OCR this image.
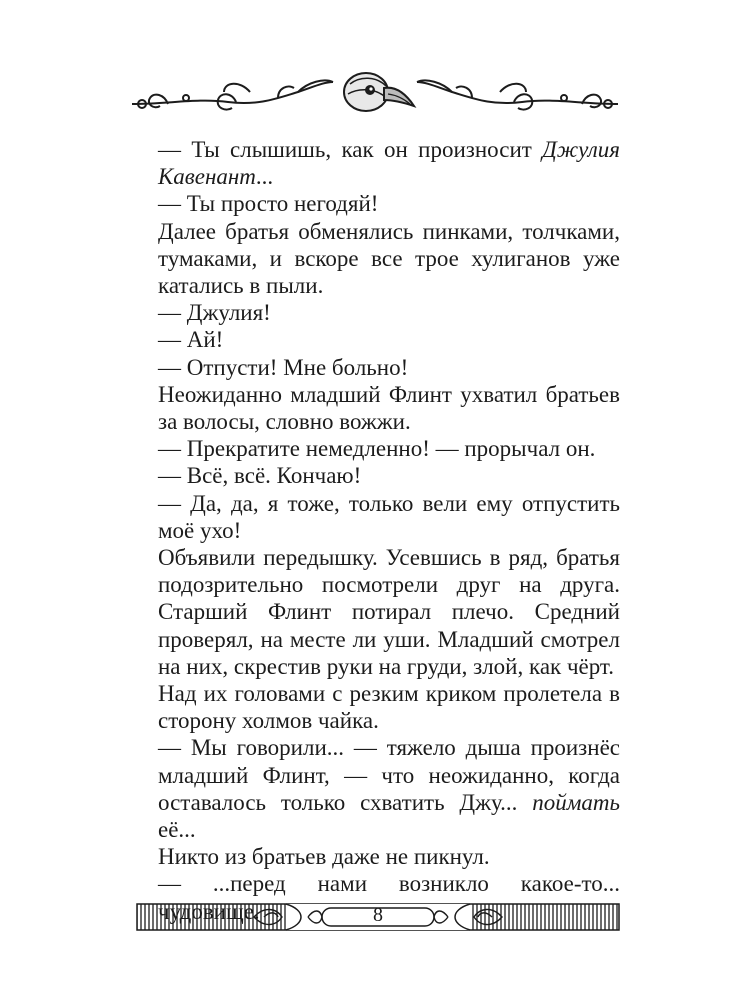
— Ты слышишь, как он произносит Джулия Кавенант...

— Ты просто негодяй!

Далее братья обменялись пинками, толчками, тумаками, и вскоре все трое хулиганов уже катались в пыли.

— Джулия!

— Ай!

— Отпусти! Мне больно!

Неожиданно младший Флинт ухватил братьев за волосы, словно вожжи.

— Прекратите немедленно! — прорычал он.

— Всё, всё. Кончаю!

— Да, да, я тоже, только вели ему отпустить моё ухо!

Объявили передышку. Усевшись в ряд, братья подозрительно посмотрели друг на друга. Старший Флинт потирал плечо. Средний проверял, на месте ли уши. Младший смотрел на них, скрестив руки на груди, злой, как чёрт.

Над их головами с резким криком пролетела в сторону холмов чайка.

— Мы говорили... — тяжело дыша произнёс младший Флинт, — что неожиданно, когда оставалось только схватить Джу... поймать её...

Никто из братьев даже не пикнул.

— ...перед нами возникло какое-то...

8
